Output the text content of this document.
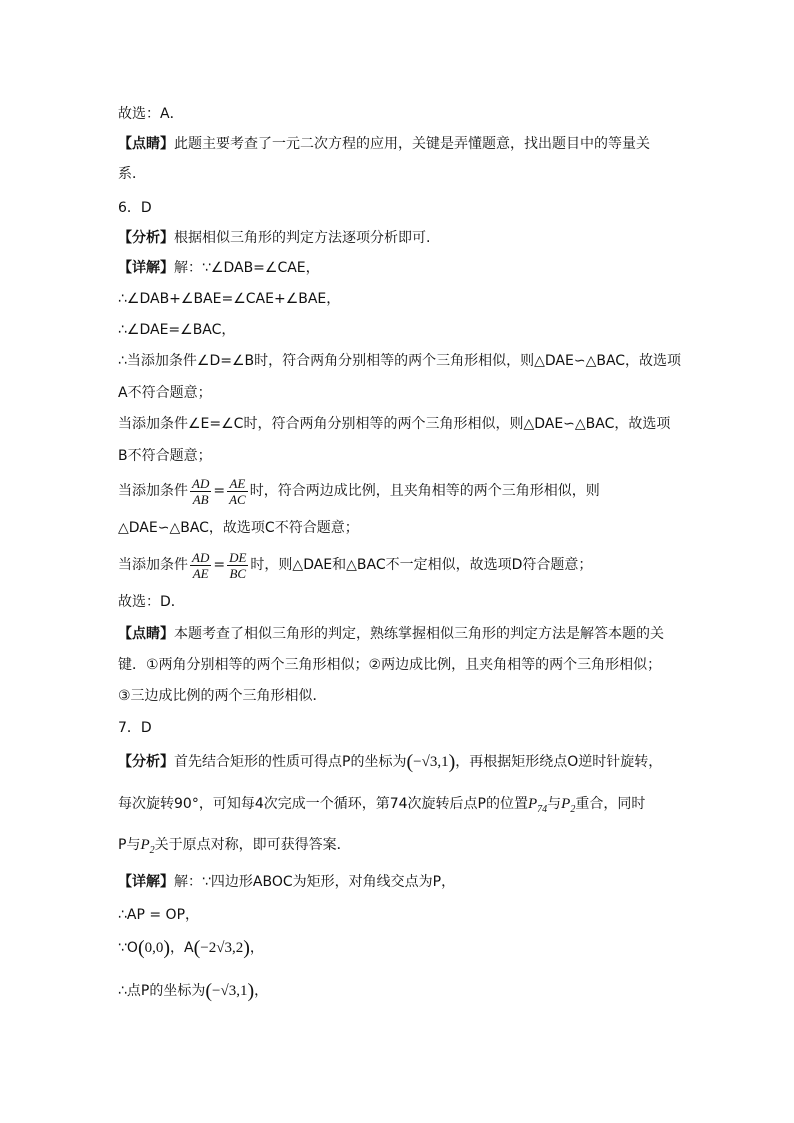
故选：A．
【点睛】此题主要考查了一元二次方程的应用，关键是弄懂题意，找出题目中的等量关
系．
6．D
【分析】根据相似三角形的判定方法逐项分析即可.
【详解】解：∵∠DAB=∠CAE，
∴∠DAB+∠BAE=∠CAE+∠BAE，
∴∠DAE=∠BAC，
∴当添加条件∠D=∠B时，符合两角分别相等的两个三角形相似，则△DAE∽△BAC，故选项
A不符合题意；
当添加条件∠E=∠C时，符合两角分别相等的两个三角形相似，则△DAE∽△BAC，故选项
B不符合题意；
当添加条件 $\frac{AD}{AB} = \frac{AE}{AC}$ 时，符合两边成比例，且夹角相等的两个三角形相似，则
△DAE∽△BAC，故选项C不符合题意；
当添加条件 $\frac{AD}{AE} = \frac{DE}{BC}$ 时，则△DAE和△BAC不一定相似，故选项D符合题意；
故选：D．
【点睛】本题考查了相似三角形的判定，熟练掌握相似三角形的判定方法是解答本题的关
键．①两角分别相等的两个三角形相似；②两边成比例，且夹角相等的两个三角形相似；
③三边成比例的两个三角形相似．
7．D
【分析】首先结合矩形的性质可得点P的坐标为(−√3,1)，再根据矩形绕点O逆时针旋转，
每次旋转90°，可知每4次完成一个循环，第74次旋转后点P的位置$P_{74}$与$P_2$重合，同时
P与$P_2$关于原点对称，即可获得答案．
【详解】解：∵四边形ABOC为矩形，对角线交点为P，
∴AP = OP，
∵O(0,0)，A(−2√3,2)，
∴点P的坐标为(−√3,1)，
